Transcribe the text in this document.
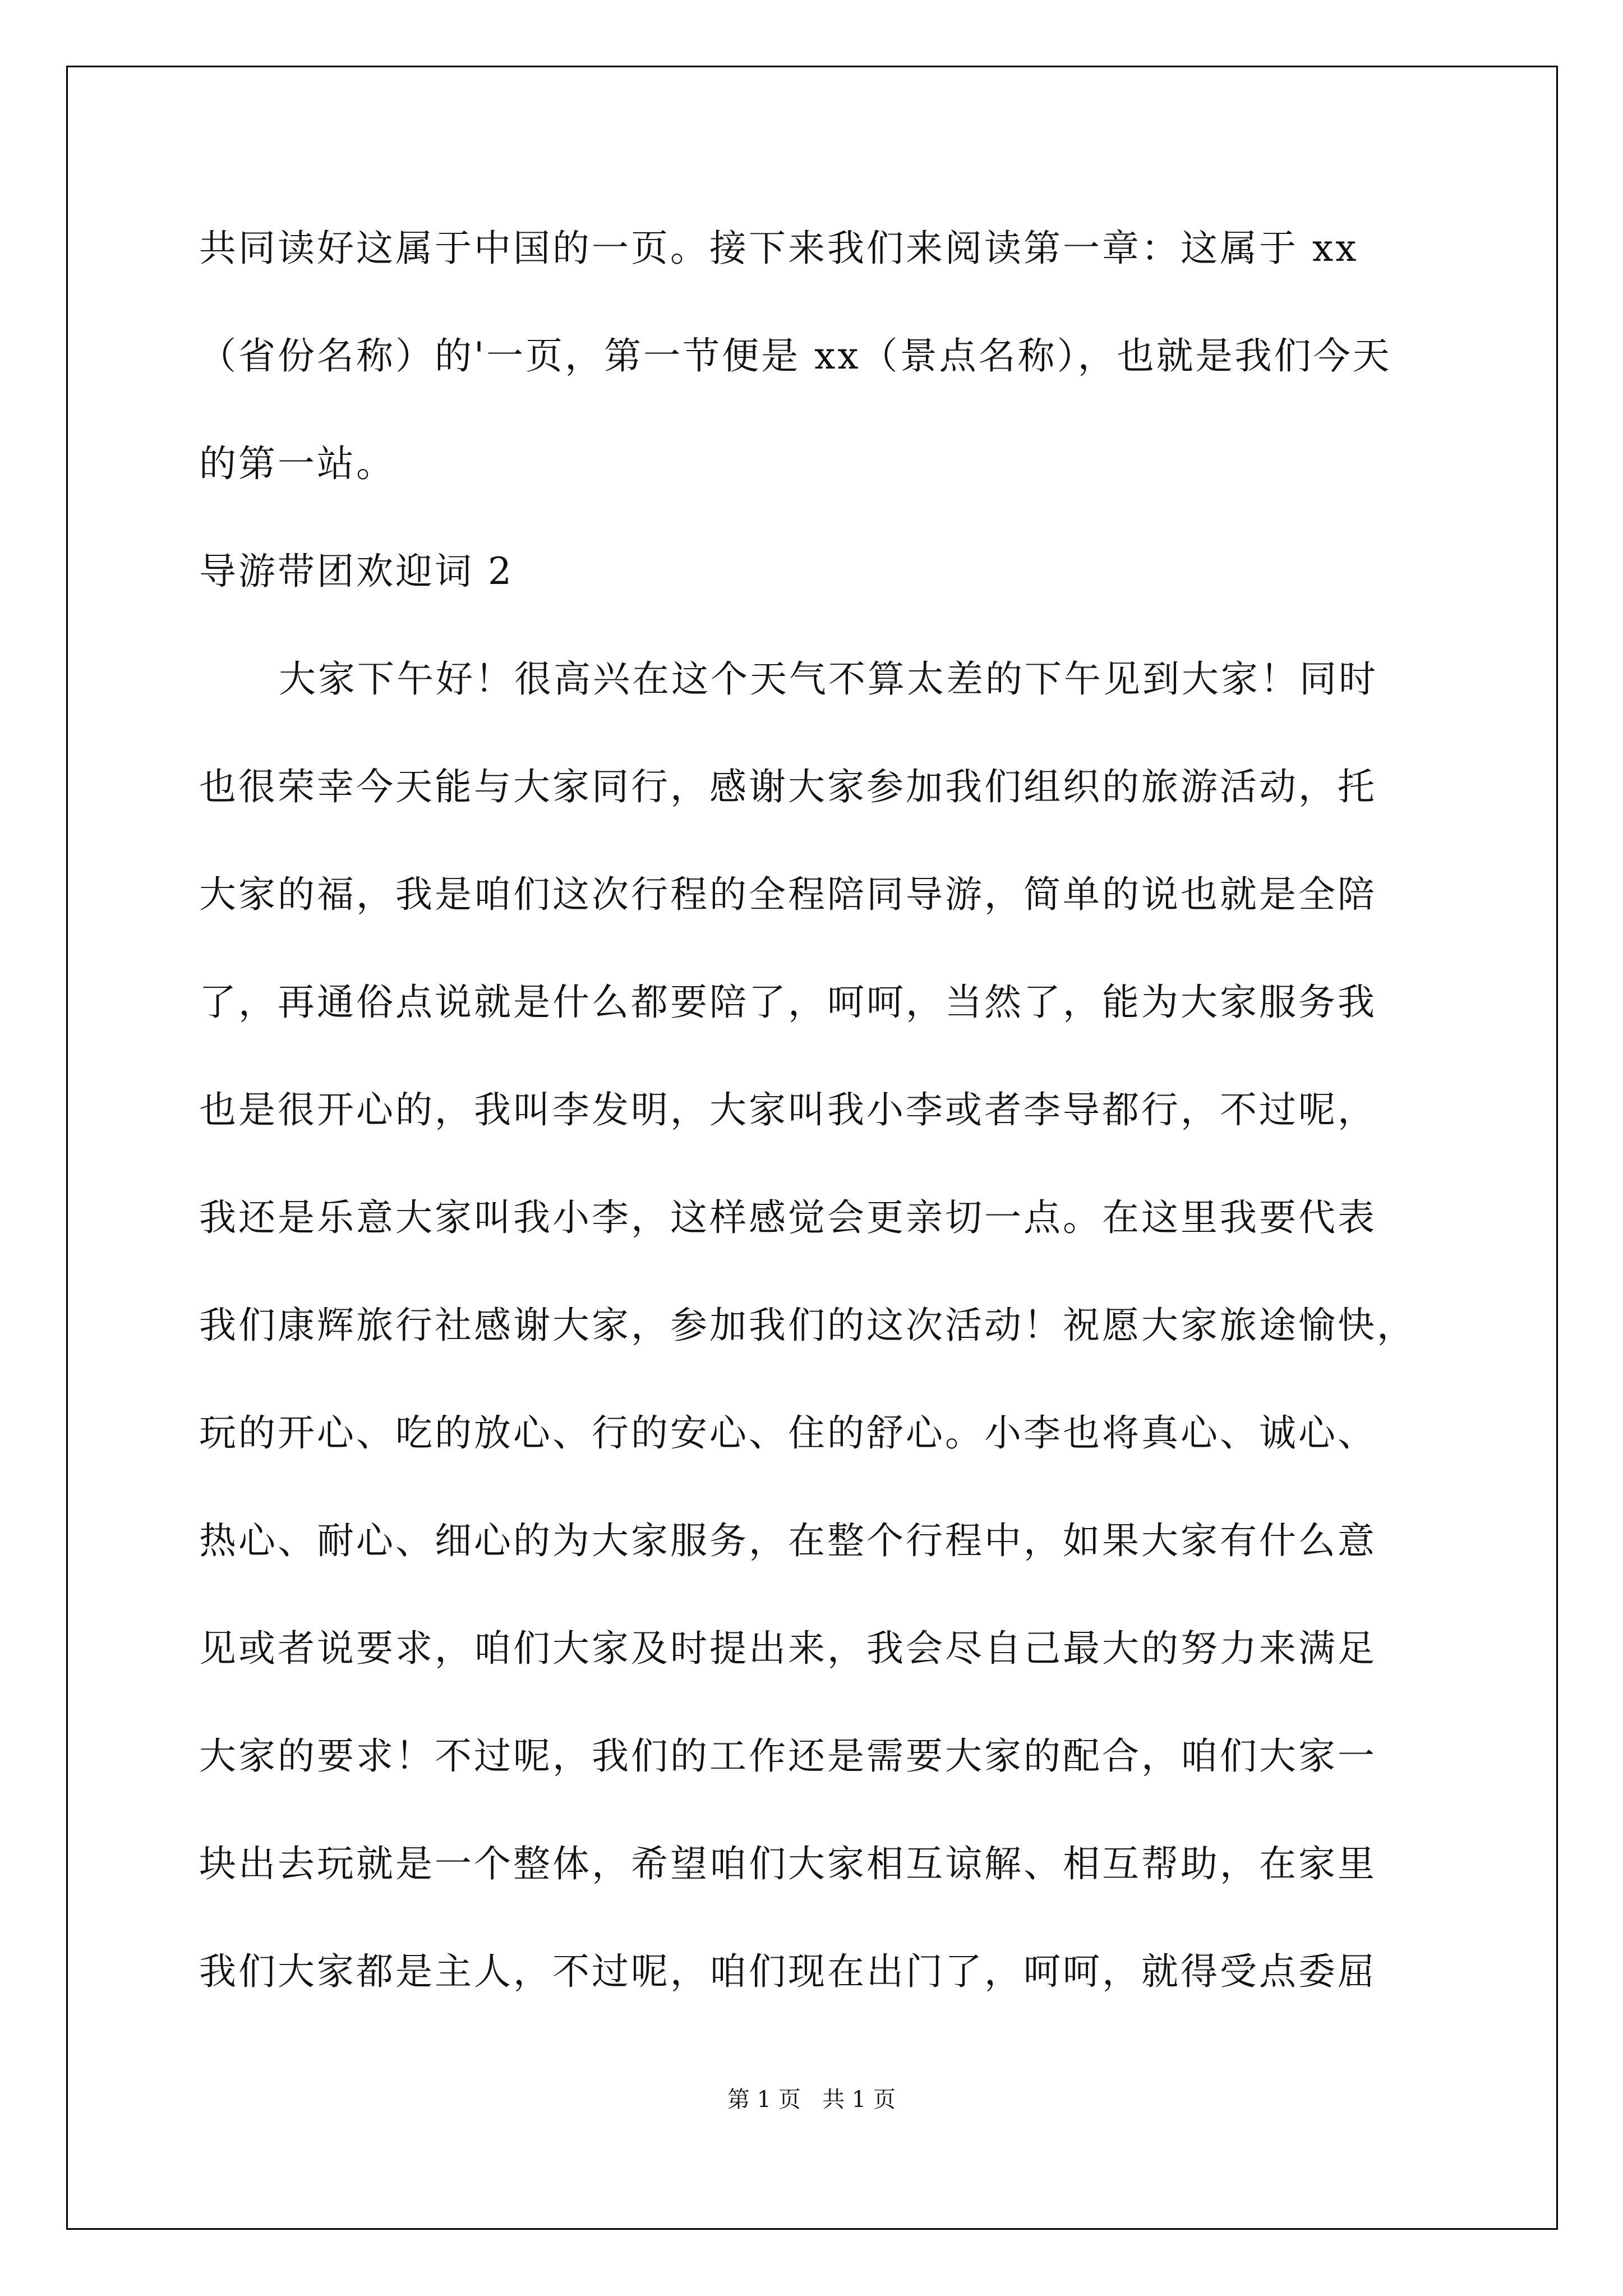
共同读好这属于中国的一页。接下来我们来阅读第一章：这属于 xx
（省份名称）的'一页，第一节便是 xx（景点名称），也就是我们今天
的第一站。
导游带团欢迎词 2
大家下午好！很高兴在这个天气不算太差的下午见到大家！同时
也很荣幸今天能与大家同行，感谢大家参加我们组织的旅游活动，托
大家的福，我是咱们这次行程的全程陪同导游，简单的说也就是全陪
了，再通俗点说就是什么都要陪了，呵呵，当然了，能为大家服务我
也是很开心的，我叫李发明，大家叫我小李或者李导都行，不过呢，
我还是乐意大家叫我小李，这样感觉会更亲切一点。在这里我要代表
我们康辉旅行社感谢大家，参加我们的这次活动！祝愿大家旅途愉快，
玩的开心、吃的放心、行的安心、住的舒心。小李也将真心、诚心、
热心、耐心、细心的为大家服务，在整个行程中，如果大家有什么意
见或者说要求，咱们大家及时提出来，我会尽自己最大的努力来满足
大家的要求！不过呢，我们的工作还是需要大家的配合，咱们大家一
块出去玩就是一个整体，希望咱们大家相互谅解、相互帮助，在家里
我们大家都是主人，不过呢，咱们现在出门了，呵呵，就得受点委屈
第 1 页   共 1 页
